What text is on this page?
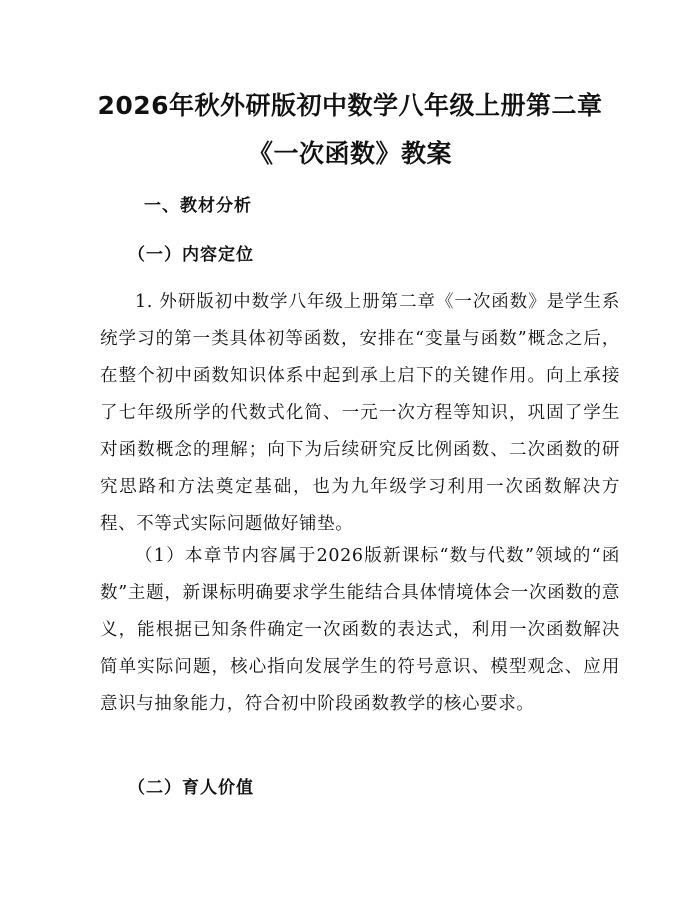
2026年秋外研版初中数学八年级上册第二章
《一次函数》教案
一、教材分析
（一）内容定位

1. 外研版初中数学八年级上册第二章《一次函数》是学生系统学习的第一类具体初等函数，安排在“变量与函数”概念之后，在整个初中函数知识体系中起到承上启下的关键作用。向上承接了七年级所学的代数式化简、一元一次方程等知识，巩固了学生对函数概念的理解；向下为后续研究反比例函数、二次函数的研究思路和方法奠定基础，也为九年级学习利用一次函数解决方程、不等式实际问题做好铺垫。

（1）本章节内容属于2026版新课标“数与代数”领域的“函数”主题，新课标明确要求学生能结合具体情境体会一次函数的意义，能根据已知条件确定一次函数的表达式，利用一次函数解决简单实际问题，核心指向发展学生的符号意识、模型观念、应用意识与抽象能力，符合初中阶段函数教学的核心要求。

（二）育人价值
